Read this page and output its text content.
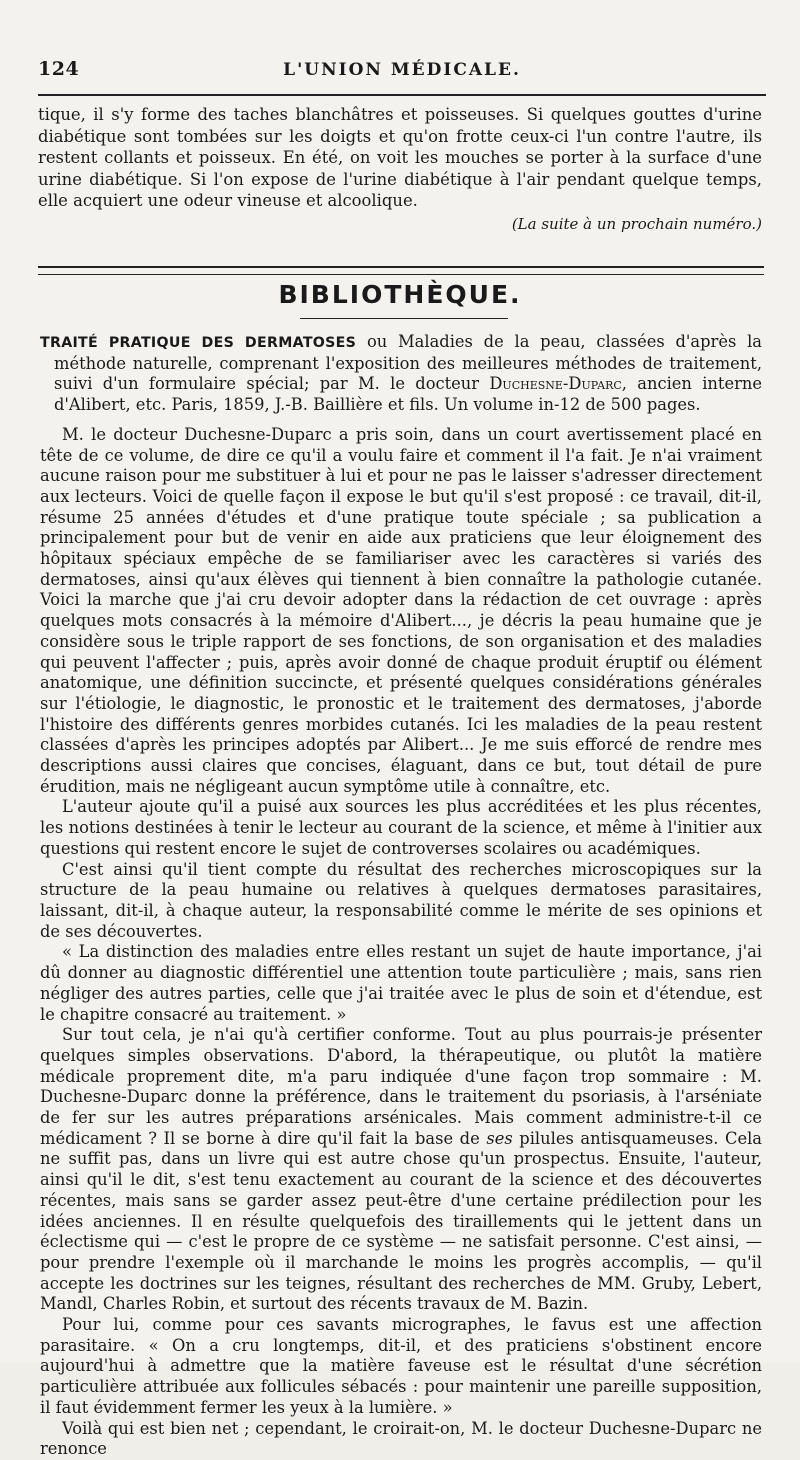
124	L'UNION MÉDICALE.

tique, il s'y forme des taches blanchâtres et poisseuses. Si quelques gouttes d'urine diabétique sont tombées sur les doigts et qu'on frotte ceux-ci l'un contre l'autre, ils restent collants et poisseux. En été, on voit les mouches se porter à la surface d'une urine diabétique. Si l'on expose de l'urine diabétique à l'air pendant quelque temps, elle acquiert une odeur vineuse et alcoolique.

(La suite à un prochain numéro.)
BIBLIOTHÈQUE.

TRAITÉ PRATIQUE DES DERMATOSES ou Maladies de la peau, classées d'après la méthode naturelle, comprenant l'exposition des meilleures méthodes de traitement, suivi d'un formulaire spécial; par M. le docteur Duchesne-Duparc, ancien interne d'Alibert, etc. Paris, 1859, J.-B. Baillière et fils. Un volume in-12 de 500 pages.

M. le docteur Duchesne-Duparc a pris soin, dans un court avertissement placé en tête de ce volume, de dire ce qu'il a voulu faire et comment il l'a fait. Je n'ai vraiment aucune raison pour me substituer à lui et pour ne pas le laisser s'adresser directement aux lecteurs. Voici de quelle façon il expose le but qu'il s'est proposé : ce travail, dit-il, résume 25 années d'études et d'une pratique toute spéciale ; sa publication a principalement pour but de venir en aide aux praticiens que leur éloignement des hôpitaux spéciaux empêche de se familiariser avec les caractères si variés des dermatoses, ainsi qu'aux élèves qui tiennent à bien connaître la pathologie cutanée. Voici la marche que j'ai cru devoir adopter dans la rédaction de cet ouvrage : après quelques mots consacrés à la mémoire d'Alibert..., je décris la peau humaine que je considère sous le triple rapport de ses fonctions, de son organisation et des maladies qui peuvent l'affecter ; puis, après avoir donné de chaque produit éruptif ou élément anatomique, une définition succincte, et présenté quelques considérations générales sur l'étiologie, le diagnostic, le pronostic et le traitement des dermatoses, j'aborde l'histoire des différents genres morbides cutanés. Ici les maladies de la peau restent classées d'après les principes adoptés par Alibert... Je me suis efforcé de rendre mes descriptions aussi claires que concises, élaguant, dans ce but, tout détail de pure érudition, mais ne négligeant aucun symptôme utile à connaître, etc.

L'auteur ajoute qu'il a puisé aux sources les plus accréditées et les plus récentes, les notions destinées à tenir le lecteur au courant de la science, et même à l'initier aux questions qui restent encore le sujet de controverses scolaires ou académiques.

C'est ainsi qu'il tient compte du résultat des recherches microscopiques sur la structure de la peau humaine ou relatives à quelques dermatoses parasitaires, laissant, dit-il, à chaque auteur, la responsabilité comme le mérite de ses opinions et de ses découvertes.

« La distinction des maladies entre elles restant un sujet de haute importance, j'ai dû donner au diagnostic différentiel une attention toute particulière ; mais, sans rien négliger des autres parties, celle que j'ai traitée avec le plus de soin et d'étendue, est le chapitre consacré au traitement. »

Sur tout cela, je n'ai qu'à certifier conforme. Tout au plus pourrais-je présenter quelques simples observations. D'abord, la thérapeutique, ou plutôt la matière médicale proprement dite, m'a paru indiquée d'une façon trop sommaire : M. Duchesne-Duparc donne la préférence, dans le traitement du psoriasis, à l'arséniate de fer sur les autres préparations arsénicales. Mais comment administre-t-il ce médicament ? Il se borne à dire qu'il fait la base de ses pilules antisquameuses. Cela ne suffit pas, dans un livre qui est autre chose qu'un prospectus. Ensuite, l'auteur, ainsi qu'il le dit, s'est tenu exactement au courant de la science et des découvertes récentes, mais sans se garder assez peut-être d'une certaine prédilection pour les idées anciennes. Il en résulte quelquefois des tiraillements qui le jettent dans un éclectisme qui — c'est le propre de ce système — ne satisfait personne. C'est ainsi, — pour prendre l'exemple où il marchande le moins les progrès accomplis, — qu'il accepte les doctrines sur les teignes, résultant des recherches de MM. Gruby, Lebert, Mandl, Charles Robin, et surtout des récents travaux de M. Bazin.

Pour lui, comme pour ces savants micrographes, le favus est une affection parasitaire. « On a cru longtemps, dit-il, et des praticiens s'obstinent encore aujourd'hui à admettre que la matière faveuse est le résultat d'une sécrétion particulière attribuée aux follicules sébacés : pour maintenir une pareille supposition, il faut évidemment fermer les yeux à la lumière. »

Voilà qui est bien net ; cependant, le croirait-on, M. le docteur Duchesne-Duparc ne renonce
